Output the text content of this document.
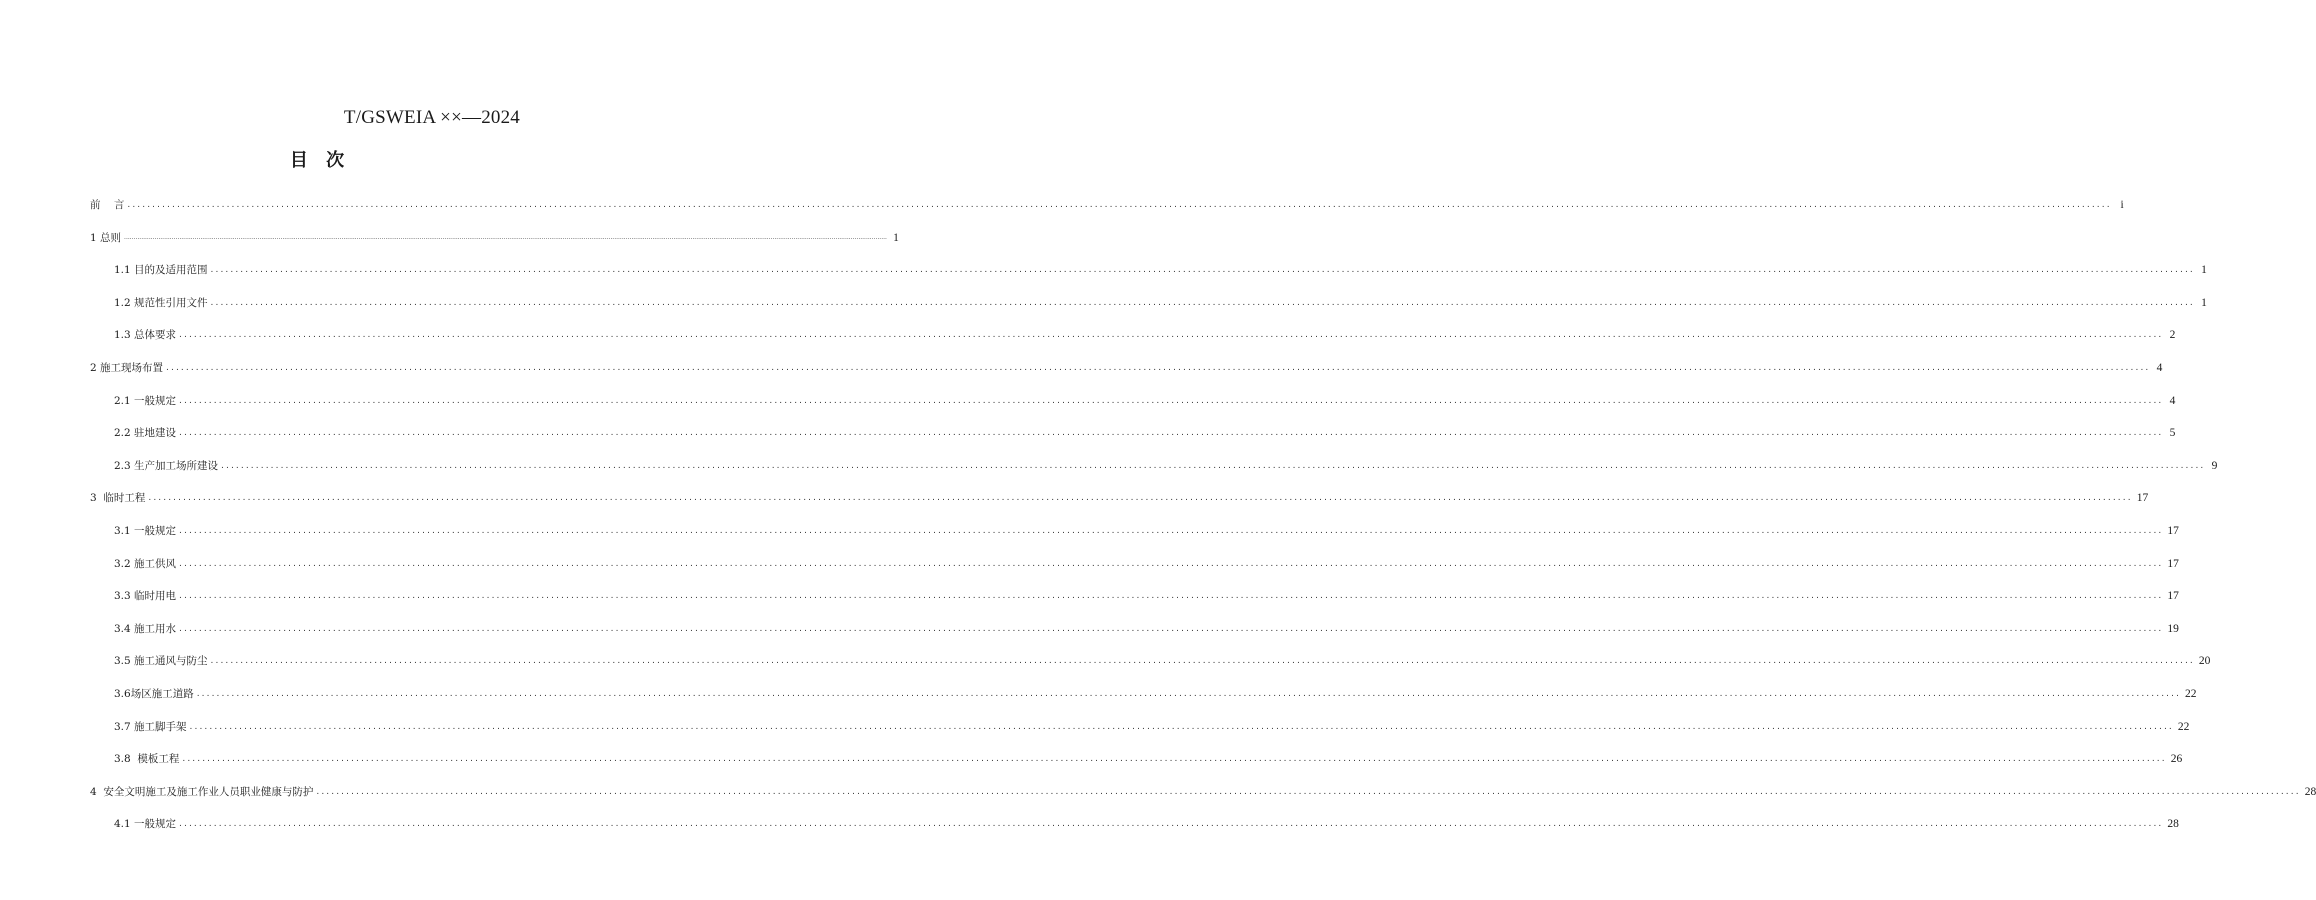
T/GSWEIA ××—2024
目 次
前    言 ................................................................................................................................................................................................................................................................................................................................................................................................................ i
1 总则 ................................................................................................................................................................................................................................................................................................................................................................................................................ 1
1.1 目的及适用范围 ................................................................................................................................................................................................................................................................................................................................................................................................................ 1
1.2 规范性引用文件 ................................................................................................................................................................................................................................................................................................................................................................................................................ 1
1.3 总体要求 ................................................................................................................................................................................................................................................................................................................................................................................................................ 2
2 施工现场布置 ................................................................................................................................................................................................................................................................................................................................................................................................................ 4
2.1 一般规定 ................................................................................................................................................................................................................................................................................................................................................................................................................ 4
2.2 驻地建设 ................................................................................................................................................................................................................................................................................................................................................................................................................ 5
2.3 生产加工场所建设 ................................................................................................................................................................................................................................................................................................................................................................................................................ 9
3  临时工程 ................................................................................................................................................................................................................................................................................................................................................................................................................ 17
3.1 一般规定 ................................................................................................................................................................................................................................................................................................................................................................................................................ 17
3.2 施工供风 ................................................................................................................................................................................................................................................................................................................................................................................................................ 17
3.3 临时用电 ................................................................................................................................................................................................................................................................................................................................................................................................................ 17
3.4 施工用水 ................................................................................................................................................................................................................................................................................................................................................................................................................ 19
3.5 施工通风与防尘 ................................................................................................................................................................................................................................................................................................................................................................................................................ 20
3.6场区施工道路 ................................................................................................................................................................................................................................................................................................................................................................................................................ 22
3.7 施工脚手架 ................................................................................................................................................................................................................................................................................................................................................................................................................ 22
3.8  模板工程 ................................................................................................................................................................................................................................................................................................................................................................................................................ 26
4  安全文明施工及施工作业人员职业健康与防护 ................................................................................................................................................................................................................................................................................................................................................................................................................ 28
4.1 一般规定 ................................................................................................................................................................................................................................................................................................................................................................................................................ 28
